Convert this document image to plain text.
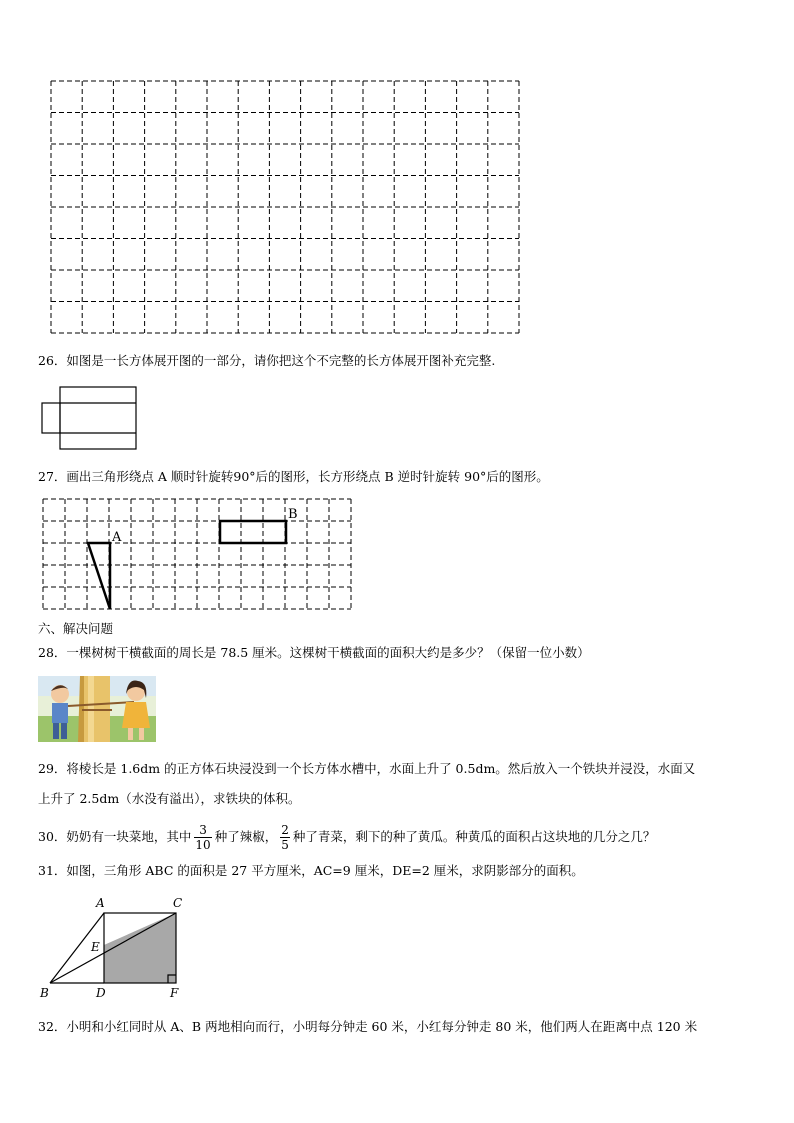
26．如图是一长方体展开图的一部分，请你把这个不完整的长方体展开图补充完整.
27．画出三角形绕点 A 顺时针旋转90°后的图形，长方形绕点 B 逆时针旋转 90°后的图形。
A
B
六、解决问题
28．一棵树树干横截面的周长是 78.5 厘米。这棵树干横截面的面积大约是多少？（保留一位小数）
29．将棱长是 1.6dm 的正方体石块浸没到一个长方体水槽中，水面上升了 0.5dm。然后放入一个铁块并浸没，水面又
上升了 2.5dm（水没有溢出），求铁块的体积。
30．奶奶有一块菜地，其中 $\frac{3}{10}$ 种了辣椒， $\frac{2}{5}$ 种了青菜，剩下的种了黄瓜。种黄瓜的面积占这块地的几分之几？
31．如图，三角形 ABC 的面积是 27 平方厘米，AC=9 厘米，DE=2 厘米，求阴影部分的面积。
A	C
E
B	D	F
32．小明和小红同时从 A、B 两地相向而行，小明每分钟走 60 米，小红每分钟走 80 米，他们两人在距离中点 120 米
